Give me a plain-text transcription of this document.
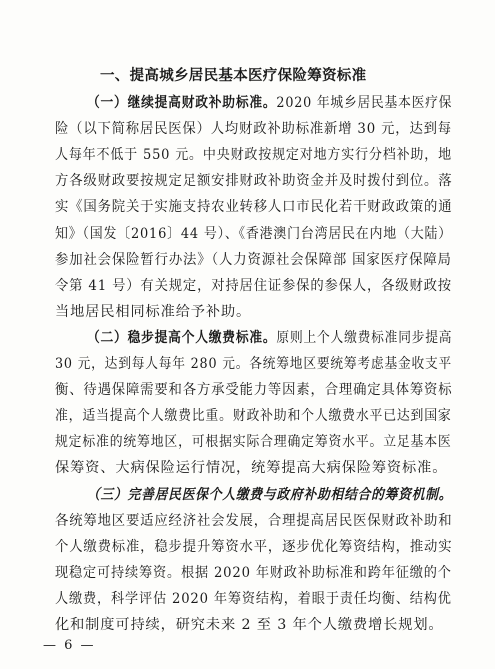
一、提高城乡居民基本医疗保险筹资标准
（一）继续提高财政补助标准。2020 年城乡居民基本医疗保
险（以下简称居民医保）人均财政补助标准新增 30 元，达到每
人每年不低于 550 元。中央财政按规定对地方实行分档补助，地
方各级财政要按规定足额安排财政补助资金并及时拨付到位。落
实《国务院关于实施支持农业转移人口市民化若干财政政策的通
知》（国发〔2016〕44 号）、《香港澳门台湾居民在内地（大陆）
参加社会保险暂行办法》（人力资源社会保障部 国家医疗保障局
令第 41 号）有关规定，对持居住证参保的参保人，各级财政按
当地居民相同标准给予补助。
（二）稳步提高个人缴费标准。原则上个人缴费标准同步提高
30 元，达到每人每年 280 元。各统筹地区要统筹考虑基金收支平
衡、待遇保障需要和各方承受能力等因素，合理确定具体筹资标
准，适当提高个人缴费比重。财政补助和个人缴费水平已达到国家
规定标准的统筹地区，可根据实际合理确定筹资水平。立足基本医
保筹资、大病保险运行情况，统筹提高大病保险筹资标准。
（三）完善居民医保个人缴费与政府补助相结合的筹资机制。
各统筹地区要适应经济社会发展，合理提高居民医保财政补助和
个人缴费标准，稳步提升筹资水平，逐步优化筹资结构，推动实
现稳定可持续筹资。根据 2020 年财政补助标准和跨年征缴的个
人缴费，科学评估 2020 年筹资结构，着眼于责任均衡、结构优
— 6 —
化和制度可持续，研究未来 2 至 3 年个人缴费增长规划。
